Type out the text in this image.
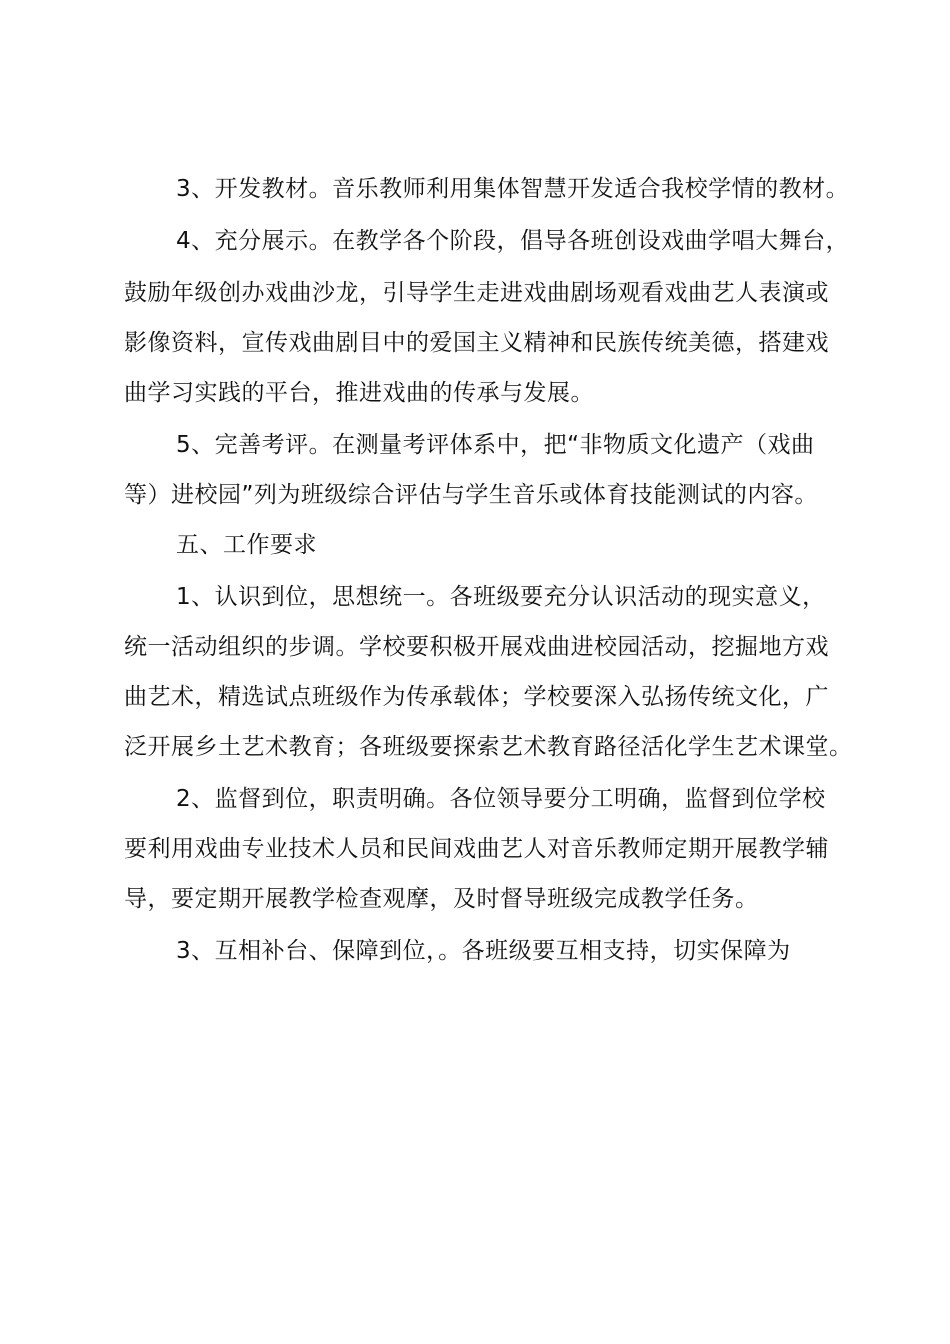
3、开发教材。音乐教师利用集体智慧开发适合我校学情的教材。
4、充分展示。在教学各个阶段，倡导各班创设戏曲学唱大舞台，
鼓励年级创办戏曲沙龙，引导学生走进戏曲剧场观看戏曲艺人表演或
影像资料，宣传戏曲剧目中的爱国主义精神和民族传统美德，搭建戏
曲学习实践的平台，推进戏曲的传承与发展。
5、完善考评。在测量考评体系中，把“非物质文化遗产（戏曲
等）进校园”列为班级综合评估与学生音乐或体育技能测试的内容。
五、工作要求
1、认识到位，思想统一。各班级要充分认识活动的现实意义，
统一活动组织的步调。学校要积极开展戏曲进校园活动，挖掘地方戏
曲艺术，精选试点班级作为传承载体；学校要深入弘扬传统文化，广
泛开展乡土艺术教育；各班级要探索艺术教育路径活化学生艺术课堂。
2、监督到位，职责明确。各位领导要分工明确，监督到位学校
要利用戏曲专业技术人员和民间戏曲艺人对音乐教师定期开展教学辅
导，要定期开展教学检查观摩，及时督导班级完成教学任务。
3、互相补台、保障到位，。各班级要互相支持，切实保障为
